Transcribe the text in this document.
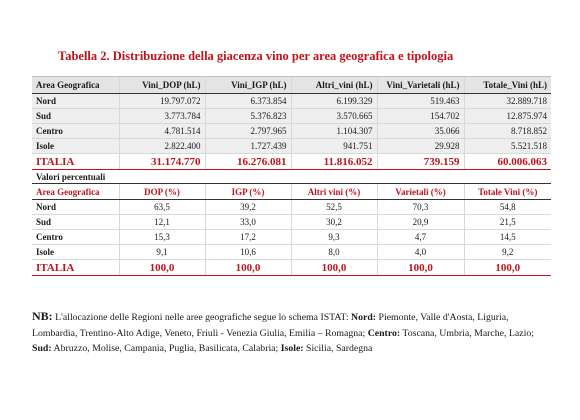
Tabella 2. Distribuzione della giacenza vino per area geografica e tipologia
Area Geografica	Vini_DOP (hL)	Vini_IGP (hL)	Altri_vini (hL)	Vini_Varietali (hL)	Totale_Vini (hL)
Nord	19.797.072	6.373.854	6.199.329	519.463	32.889.718
Sud	3.773.784	5.376.823	3.570.665	154.702	12.875.974
Centro	4.781.514	2.797.965	1.104.307	35.066	8.718.852
Isole	2.822.400	1.727.439	941.751	29.928	5.521.518
ITALIA	31.174.770	16.276.081	11.816.052	739.159	60.006.063
Valori percentuali					
Area Geografica	DOP (%)	IGP (%)	Altri vini (%)	Varietali (%)	Totale Vini (%)
Nord	63,5	39,2	52,5	70,3	54,8
Sud	12,1	33,0	30,2	20,9	21,5
Centro	15,3	17,2	9,3	4,7	14,5
Isole	9,1	10,6	8,0	4,0	9,2
ITALIA	100,0	100,0	100,0	100,0	100,0
NB: L'allocazione delle Regioni nelle aree geografiche segue lo schema ISTAT: Nord: Piemonte, Valle d'Aosta, Liguria, Lombardia, Trentino-Alto Adige, Veneto, Friuli - Venezia Giulia, Emilia – Romagna; Centro: Toscana, Umbria, Marche, Lazio; Sud: Abruzzo, Molise, Campania, Puglia, Basilicata, Calabria; Isole: Sicilia, Sardegna
